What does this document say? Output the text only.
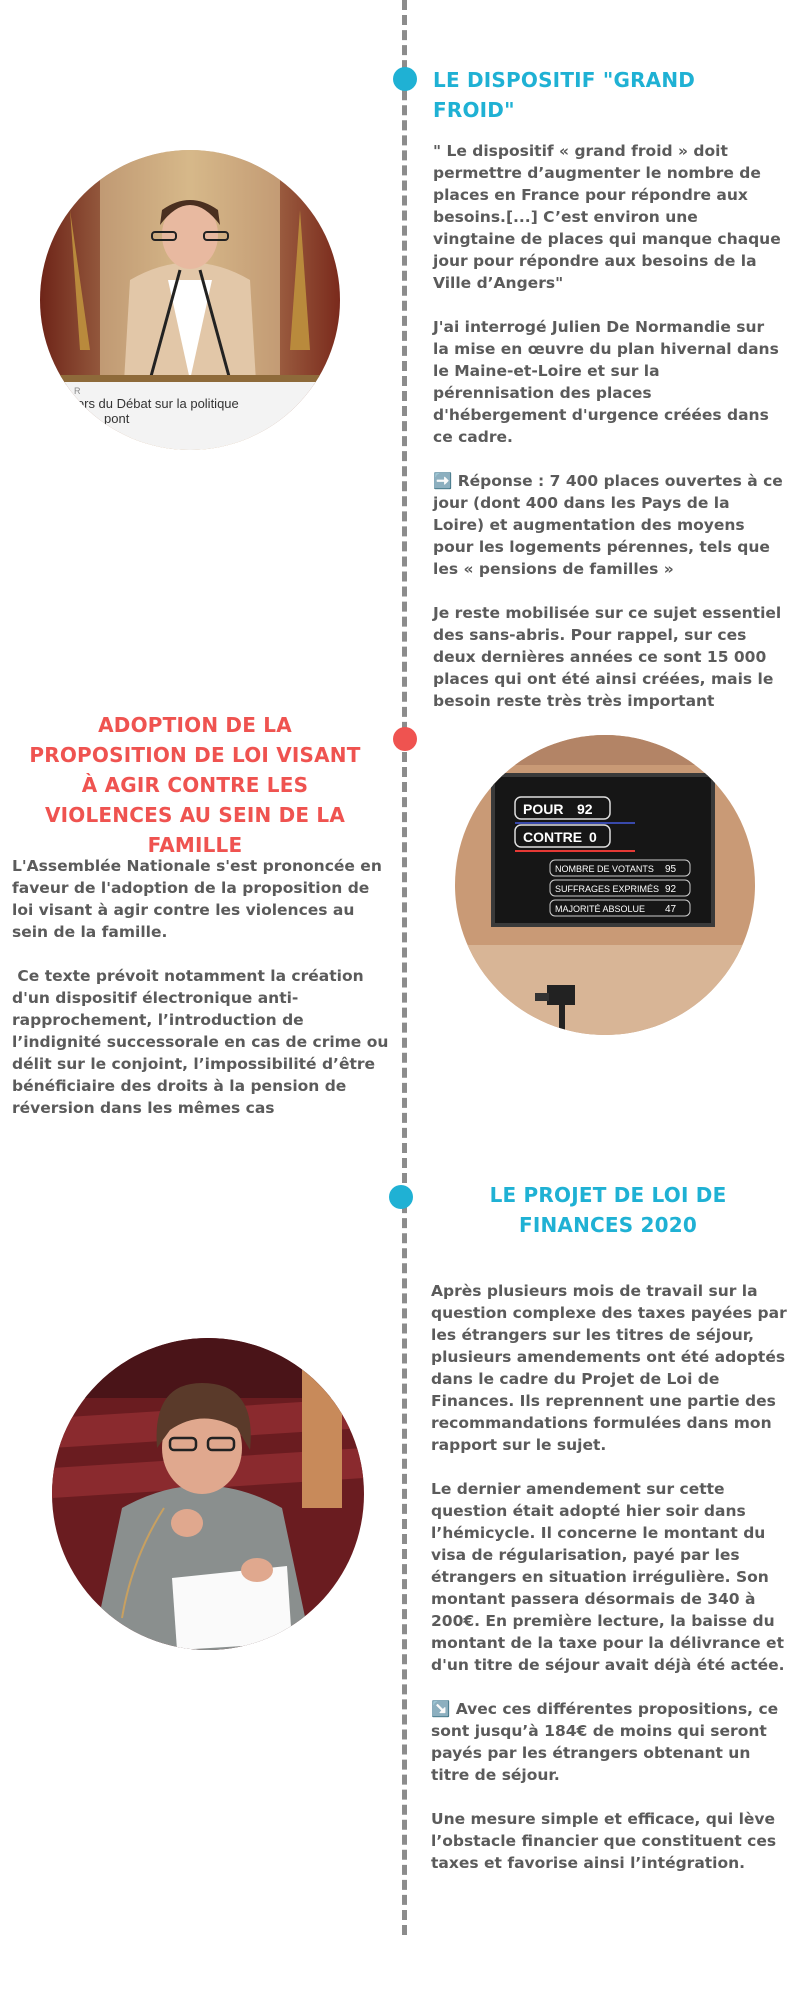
LE DISPOSITIF "GRAND FROID"

" Le dispositif « grand froid » doit permettre d’augmenter le nombre de places en France pour répondre aux besoins.[...] C’est environ une vingtaine de places qui manque chaque jour pour répondre aux besoins de la Ville d’Angers"

J'ai interrogé Julien De Normandie sur la mise en œuvre du plan hivernal dans le Maine-et-Loire et sur la pérennisation des places d'hébergement d'urgence créées dans ce cadre.

➡️ Réponse : 7 400 places ouvertes à ce jour (dont 400 dans les Pays de la Loire) et augmentation des moyens pour les logements pérennes, tels que les « pensions de familles »

Je reste mobilisée sur ce sujet essentiel des sans-abris. Pour rappel, sur ces deux dernières années ce sont 15 000 places qui ont été ainsi créées, mais le besoin reste très très important

R
lors du Débat sur la politique
pont
ADOPTION DE LA PROPOSITION DE LOI VISANT À AGIR CONTRE LES VIOLENCES AU SEIN DE LA FAMILLE

L'Assemblée Nationale s'est prononcée en faveur de l'adoption de la proposition de loi visant à agir contre les violences au sein de la famille.

Ce texte prévoit notamment la création d'un dispositif électronique anti-rapprochement, l’introduction de l’indignité successorale en cas de crime ou délit sur le conjoint, l’impossibilité d’être bénéficiaire des droits à la pension de réversion dans les mêmes cas

POUR 92
CONTRE 0
NOMBRE DE VOTANTS 95
SUFFRAGES EXPRIMÉS 92
MAJORITÉ ABSOLUE 47
LE PROJET DE LOI DE FINANCES 2020

Après plusieurs mois de travail sur la question complexe des taxes payées par les étrangers sur les titres de séjour, plusieurs amendements ont été adoptés dans le cadre du Projet de Loi de Finances. Ils reprennent une partie des recommandations formulées dans mon rapport sur le sujet.

Le dernier amendement sur cette question était adopté hier soir dans l’hémicycle. Il concerne le montant du visa de régularisation, payé par les étrangers en situation irrégulière. Son montant passera désormais de 340 à 200€. En première lecture, la baisse du montant de la taxe pour la délivrance et d'un titre de séjour avait déjà été actée.

↘️ Avec ces différentes propositions, ce sont jusqu’à 184€ de moins qui seront payés par les étrangers obtenant un titre de séjour.

Une mesure simple et efficace, qui lève l’obstacle financier que constituent ces taxes et favorise ainsi l’intégration.
